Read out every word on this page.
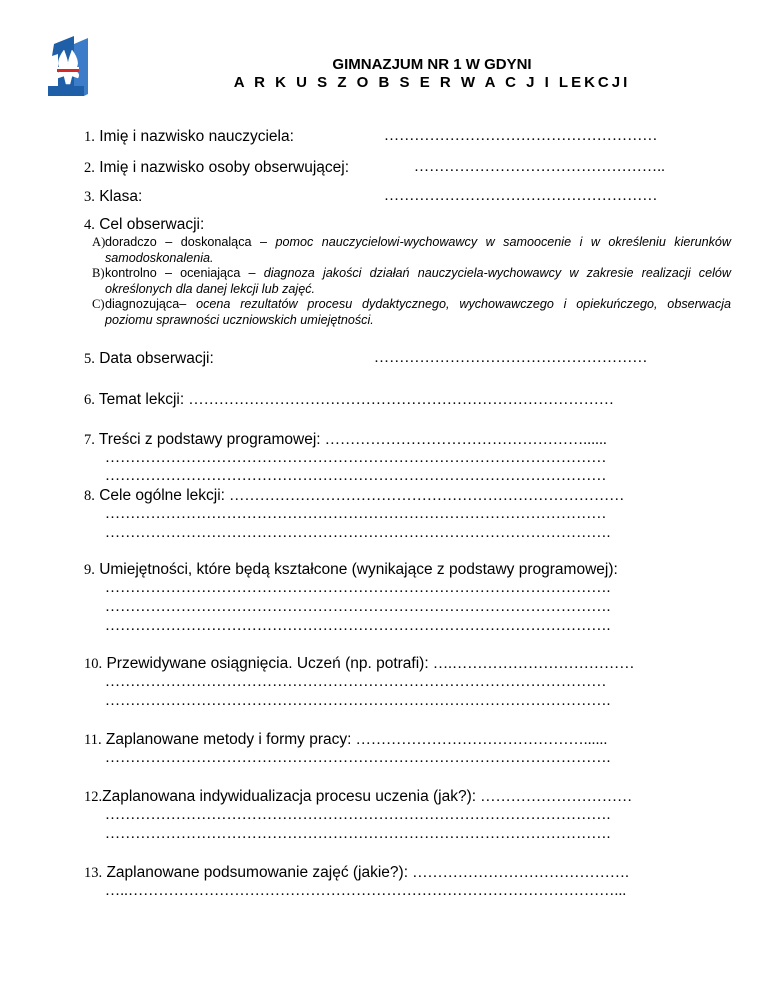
GIMNAZJUM NR 1 W GDYNI
A R K U S Z O B S E R W A C J I LEKCJI
1. Imię i nazwisko nauczyciela:	………………………………………………
2. Imię i nazwisko osoby obserwującej:	…………………………………………..
3. Klasa:	………………………………………………
4. Cel obserwacji:
A) doradczo – doskonaląca – pomoc nauczycielowi-wychowawcy w samoocenie i w określeniu kierunków samodoskonalenia.
B) kontrolno – oceniająca – diagnoza jakości działań nauczyciela-wychowawcy w zakresie realizacji celów określonych dla danej lekcji lub zajęć.
C) diagnozująca– ocena rezultatów procesu dydaktycznego, wychowawczego i opiekuńczego, obserwacja poziomu sprawności uczniowskich umiejętności.
5. Data obserwacji:	………………………………………………
6. Temat lekcji: …………………………………………………………………………
7. Treści z podstawy programowej: ……………………………………………......
………………………………………………………………………………………
………………………………………………………………………………………
8. Cele ogólne lekcji: ……………………………………………………………………
………………………………………………………………………………………
……………………………………………………………………………………….
9. Umiejętności, które będą kształcone (wynikające z podstawy programowej):
……………………………………………………………………………………….
……………………………………………………………………………………….
……………………………………………………………………………………….
10. Przewidywane osiągnięcia. Uczeń (np. potrafi): ….………………………………
………………………………………………………………………………………
……………………………………………………………………………………….
11. Zaplanowane metody i formy pracy: ………………………………………......
……………………………………………………………………………………….
12.Zaplanowana indywidualizacja procesu uczenia (jak?): …………………………
……………………………………………………………………………………….
……………………………………………………………………………………….
13. Zaplanowane podsumowanie zajęć (jakie?): …………………………………….
…..……………………………………………………………………………………...
